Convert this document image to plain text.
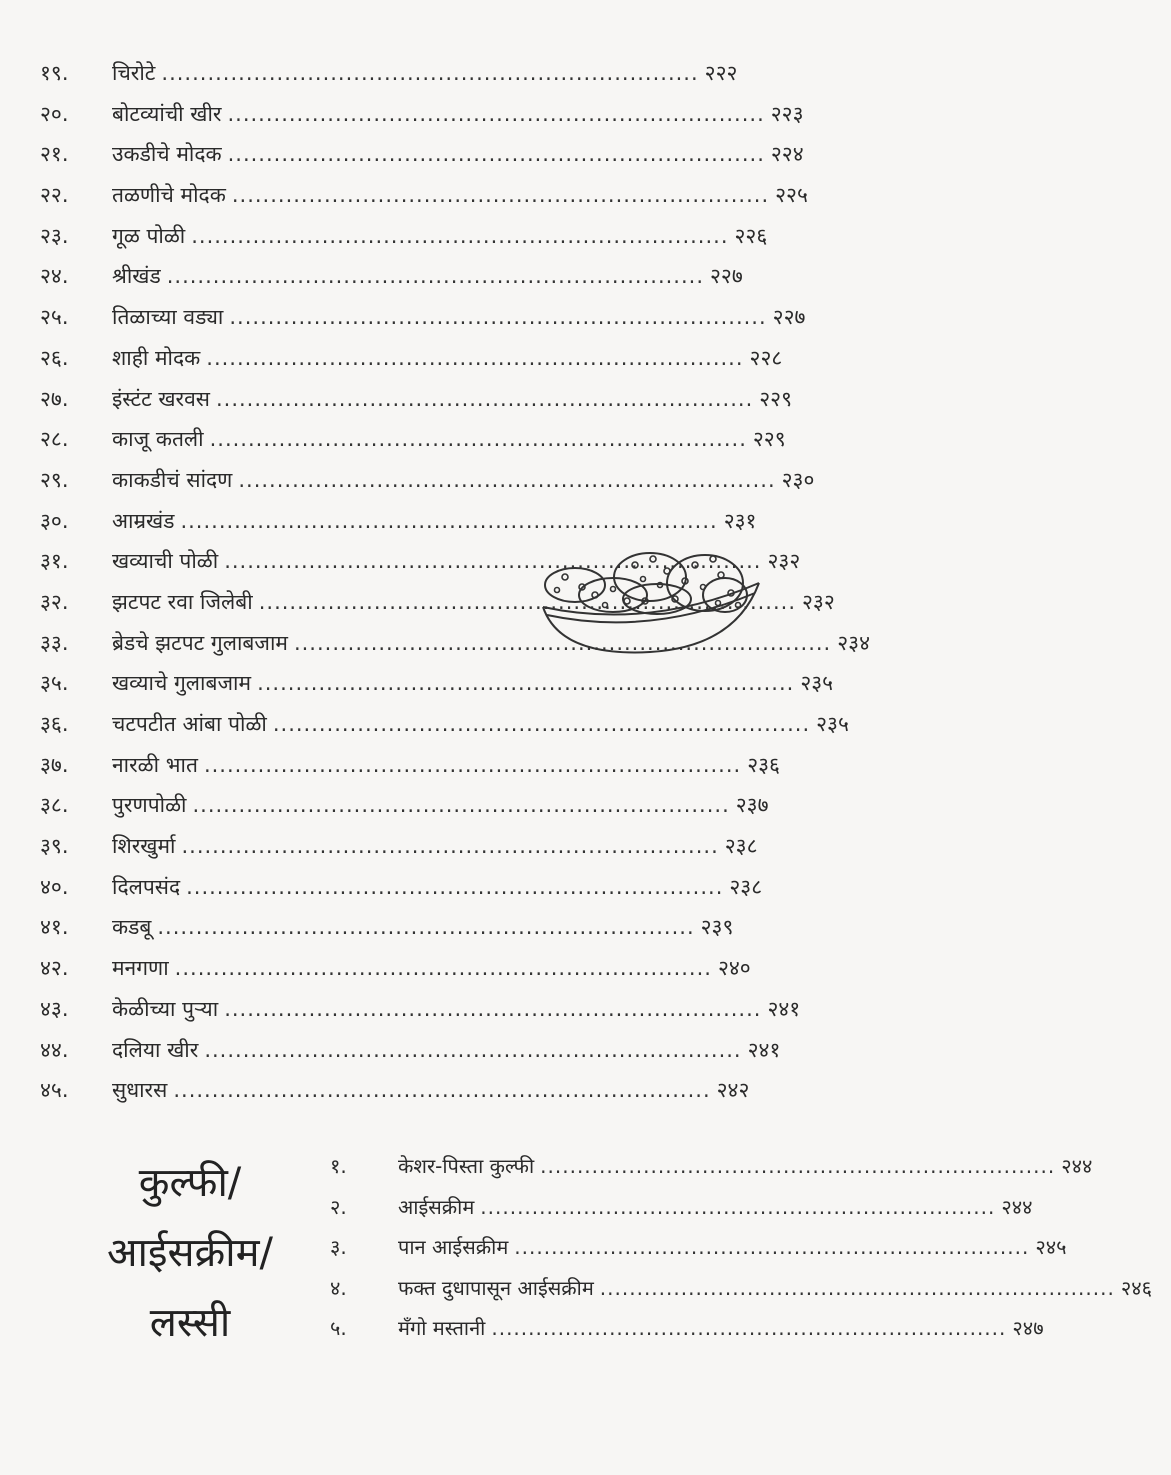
१९.	चिरोटे ...................................................................... २२२
२०.	बोटव्यांची खीर ...................................................................... २२३
२१.	उकडीचे मोदक ...................................................................... २२४
२२.	तळणीचे मोदक ...................................................................... २२५
२३.	गूळ पोळी ...................................................................... २२६
२४.	श्रीखंड ...................................................................... २२७
२५.	तिळाच्या वड्या ...................................................................... २२७
२६.	शाही मोदक ...................................................................... २२८
२७.	इंस्टंट खरवस ...................................................................... २२९
२८.	काजू कतली ...................................................................... २२९
२९.	काकडीचं सांदण ...................................................................... २३०
३०.	आम्रखंड ...................................................................... २३१
३१.	खव्याची पोळी ...................................................................... २३२
३२.	झटपट रवा जिलेबी ...................................................................... २३२
३३.	ब्रेडचे झटपट गुलाबजाम ...................................................................... २३४
३५.	खव्याचे गुलाबजाम ...................................................................... २३५
३६.	चटपटीत आंबा पोळी ...................................................................... २३५
३७.	नारळी भात ...................................................................... २३६
३८.	पुरणपोळी ...................................................................... २३७
३९.	शिरखुर्मा ...................................................................... २३८
४०.	दिलपसंद ...................................................................... २३८
४१.	कडबू ...................................................................... २३९
४२.	मनगणा ...................................................................... २४०
४३.	केळीच्या पुऱ्या ...................................................................... २४१
४४.	दलिया खीर ...................................................................... २४१
४५.	सुधारस ...................................................................... २४२
कुल्फी/
आईसक्रीम/
लस्सी
१.	केशर-पिस्ता कुल्फी ...................................................................... २४४
२.	आईसक्रीम ...................................................................... २४४
३.	पान आईसक्रीम ...................................................................... २४५
४.	फक्त दुधापासून आईसक्रीम ...................................................................... २४६
५.	मँगो मस्तानी ...................................................................... २४७
